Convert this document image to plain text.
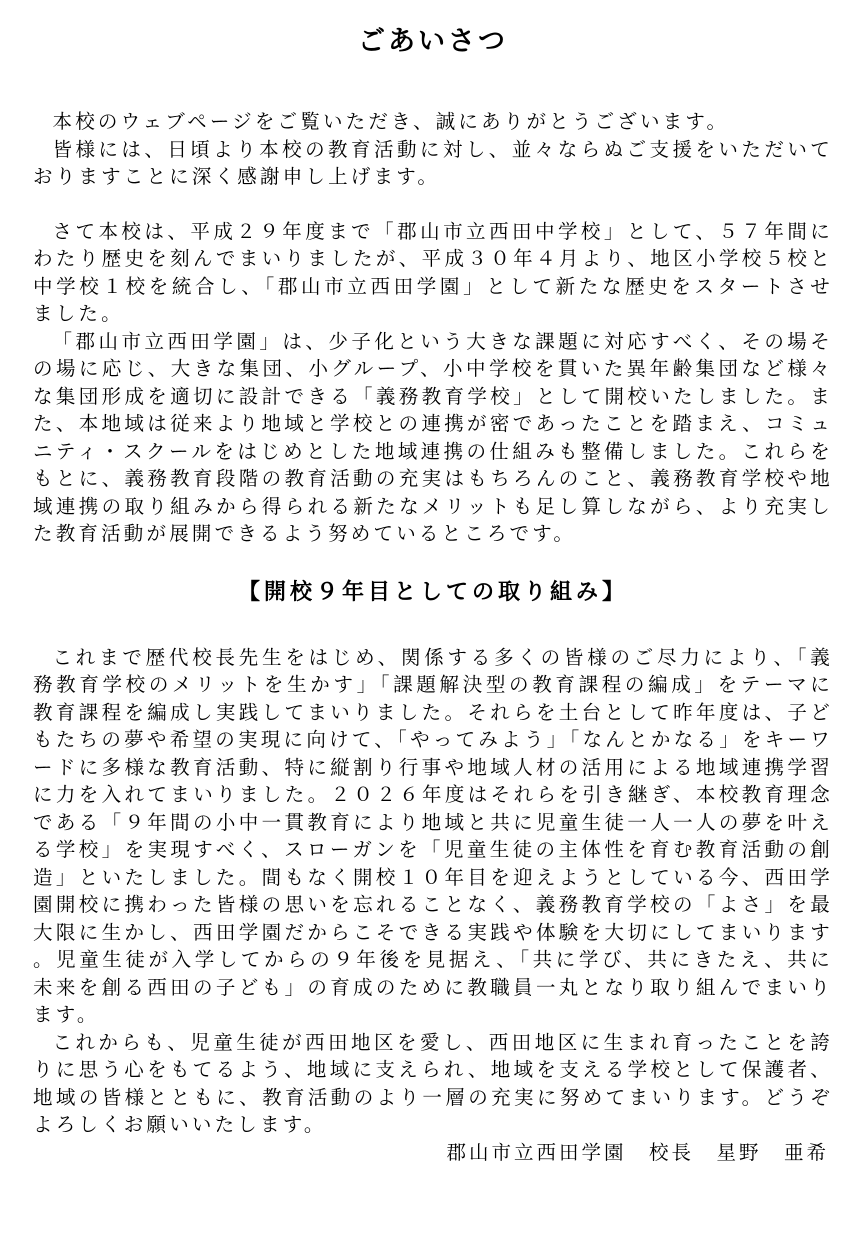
ごあいさつ

本校のウェブページをご覧いただき、誠にありがとうございます。

皆様には、日頃より本校の教育活動に対し、並々ならぬご支援をいただいておりますことに深く感謝申し上げます。

さて本校は、平成２９年度まで「郡山市立西田中学校」として、５７年間にわたり歴史を刻んでまいりましたが、平成３０年４月より、地区小学校５校と中学校１校を統合し、「郡山市立西田学園」として新たな歴史をスタートさせました。

「郡山市立西田学園」は、少子化という大きな課題に対応すべく、その場その場に応じ、大きな集団、小グループ、小中学校を貫いた異年齢集団など様々な集団形成を適切に設計できる「義務教育学校」として開校いたしました。また、本地域は従来より地域と学校との連携が密であったことを踏まえ、コミュニティ・スクールをはじめとした地域連携の仕組みも整備しました。これらをもとに、義務教育段階の教育活動の充実はもちろんのこと、義務教育学校や地域連携の取り組みから得られる新たなメリットも足し算しながら、より充実した教育活動が展開できるよう努めているところです。

【開校９年目としての取り組み】

これまで歴代校長先生をはじめ、関係する多くの皆様のご尽力により、「義務教育学校のメリットを生かす」「課題解決型の教育課程の編成」をテーマに教育課程を編成し実践してまいりました。それらを土台として昨年度は、子どもたちの夢や希望の実現に向けて、「やってみよう」「なんとかなる」をキーワードに多様な教育活動、特に縦割り行事や地域人材の活用による地域連携学習に力を入れてまいりました。２０２６年度はそれらを引き継ぎ、本校教育理念である「９年間の小中一貫教育により地域と共に児童生徒一人一人の夢を叶える学校」を実現すべく、スローガンを「児童生徒の主体性を育む教育活動の創造」といたしました。間もなく開校１０年目を迎えようとしている今、西田学園開校に携わった皆様の思いを忘れることなく、義務教育学校の「よさ」を最大限に生かし、西田学園だからこそできる実践や体験を大切にしてまいります。児童生徒が入学してからの９年後を見据え、「共に学び、共にきたえ、共に未来を創る西田の子ども」の育成のために教職員一丸となり取り組んでまいります。

これからも、児童生徒が西田地区を愛し、西田地区に生まれ育ったことを誇りに思う心をもてるよう、地域に支えられ、地域を支える学校として保護者、地域の皆様とともに、教育活動のより一層の充実に努めてまいります。どうぞよろしくお願いいたします。

郡山市立西田学園　校長　星野　亜希
